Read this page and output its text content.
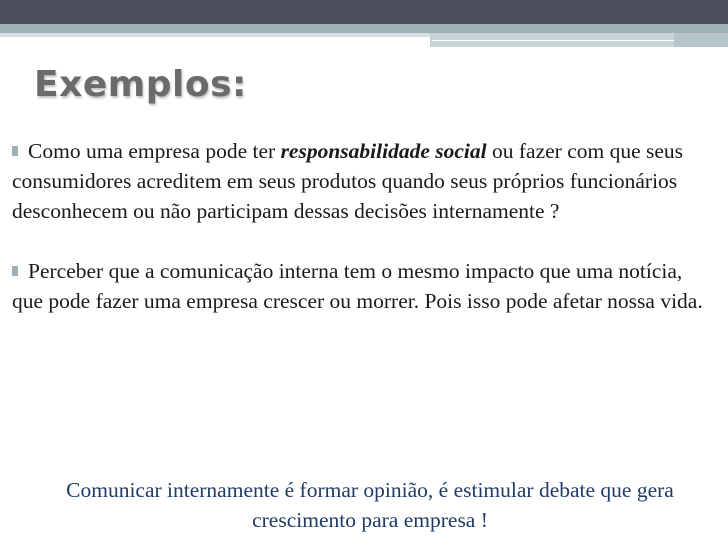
Exemplos:

Como uma empresa pode ter responsabilidade social ou fazer com que seus consumidores acreditem em seus produtos quando seus próprios funcionários desconhecem ou não participam dessas decisões internamente ?

Perceber que a comunicação interna tem o mesmo impacto que uma notícia, que pode fazer uma empresa crescer ou morrer. Pois isso pode afetar nossa vida.

Comunicar internamente é formar opinião, é estimular debate que gera crescimento para empresa !
